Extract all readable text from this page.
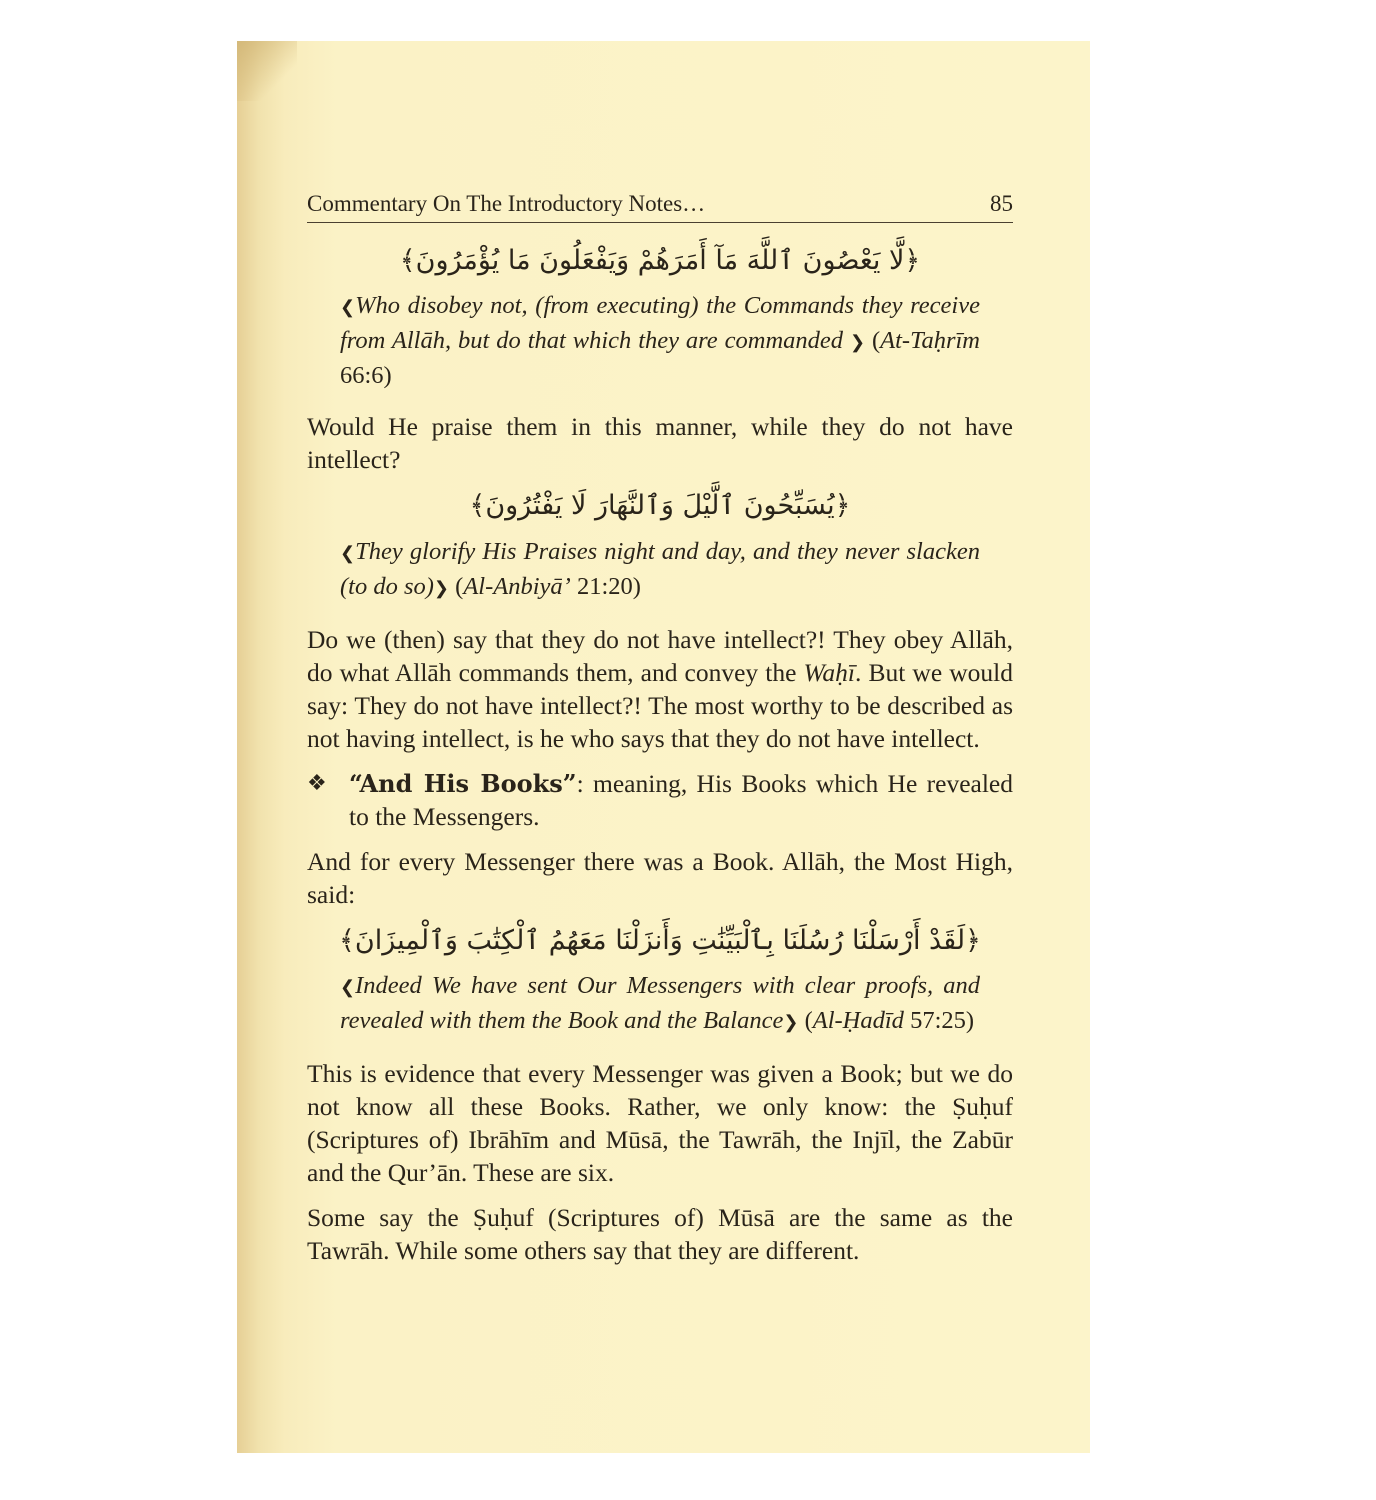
Commentary On The Introductory Notes…	85
﴿لَّا يَعْصُونَ ٱللَّهَ مَآ أَمَرَهُمْ وَيَفْعَلُونَ مَا يُؤْمَرُونَ﴾
❮Who disobey not, (from executing) the Commands they receive from Allāh, but do that which they are commanded ❯ (At-Taḥrīm 66:6)

Would He praise them in this manner, while they do not have intellect?

﴿يُسَبِّحُونَ ٱلَّيْلَ وَٱلنَّهَارَ لَا يَفْتُرُونَ﴾
❮They glorify His Praises night and day, and they never slacken (to do so)❯ (Al-Anbiyā’ 21:20)

Do we (then) say that they do not have intellect?! They obey Allāh, do what Allāh commands them, and convey the Waḥī. But we would say: They do not have intellect?! The most worthy to be described as not having intellect, is he who says that they do not have intellect.

❖ “And His Books”: meaning, His Books which He revealed to the Messengers.

And for every Messenger there was a Book. Allāh, the Most High, said:

﴿لَقَدْ أَرْسَلْنَا رُسُلَنَا بِٱلْبَيِّنَٰتِ وَأَنزَلْنَا مَعَهُمُ ٱلْكِتَٰبَ وَٱلْمِيزَانَ﴾
❮Indeed We have sent Our Messengers with clear proofs, and revealed with them the Book and the Balance❯ (Al-Ḥadīd 57:25)

This is evidence that every Messenger was given a Book; but we do not know all these Books. Rather, we only know: the Ṣuḥuf (Scriptures of) Ibrāhīm and Mūsā, the Tawrāh, the Injīl, the Zabūr and the Qur’ān. These are six.

Some say the Ṣuḥuf (Scriptures of) Mūsā are the same as the Tawrāh. While some others say that they are different.
